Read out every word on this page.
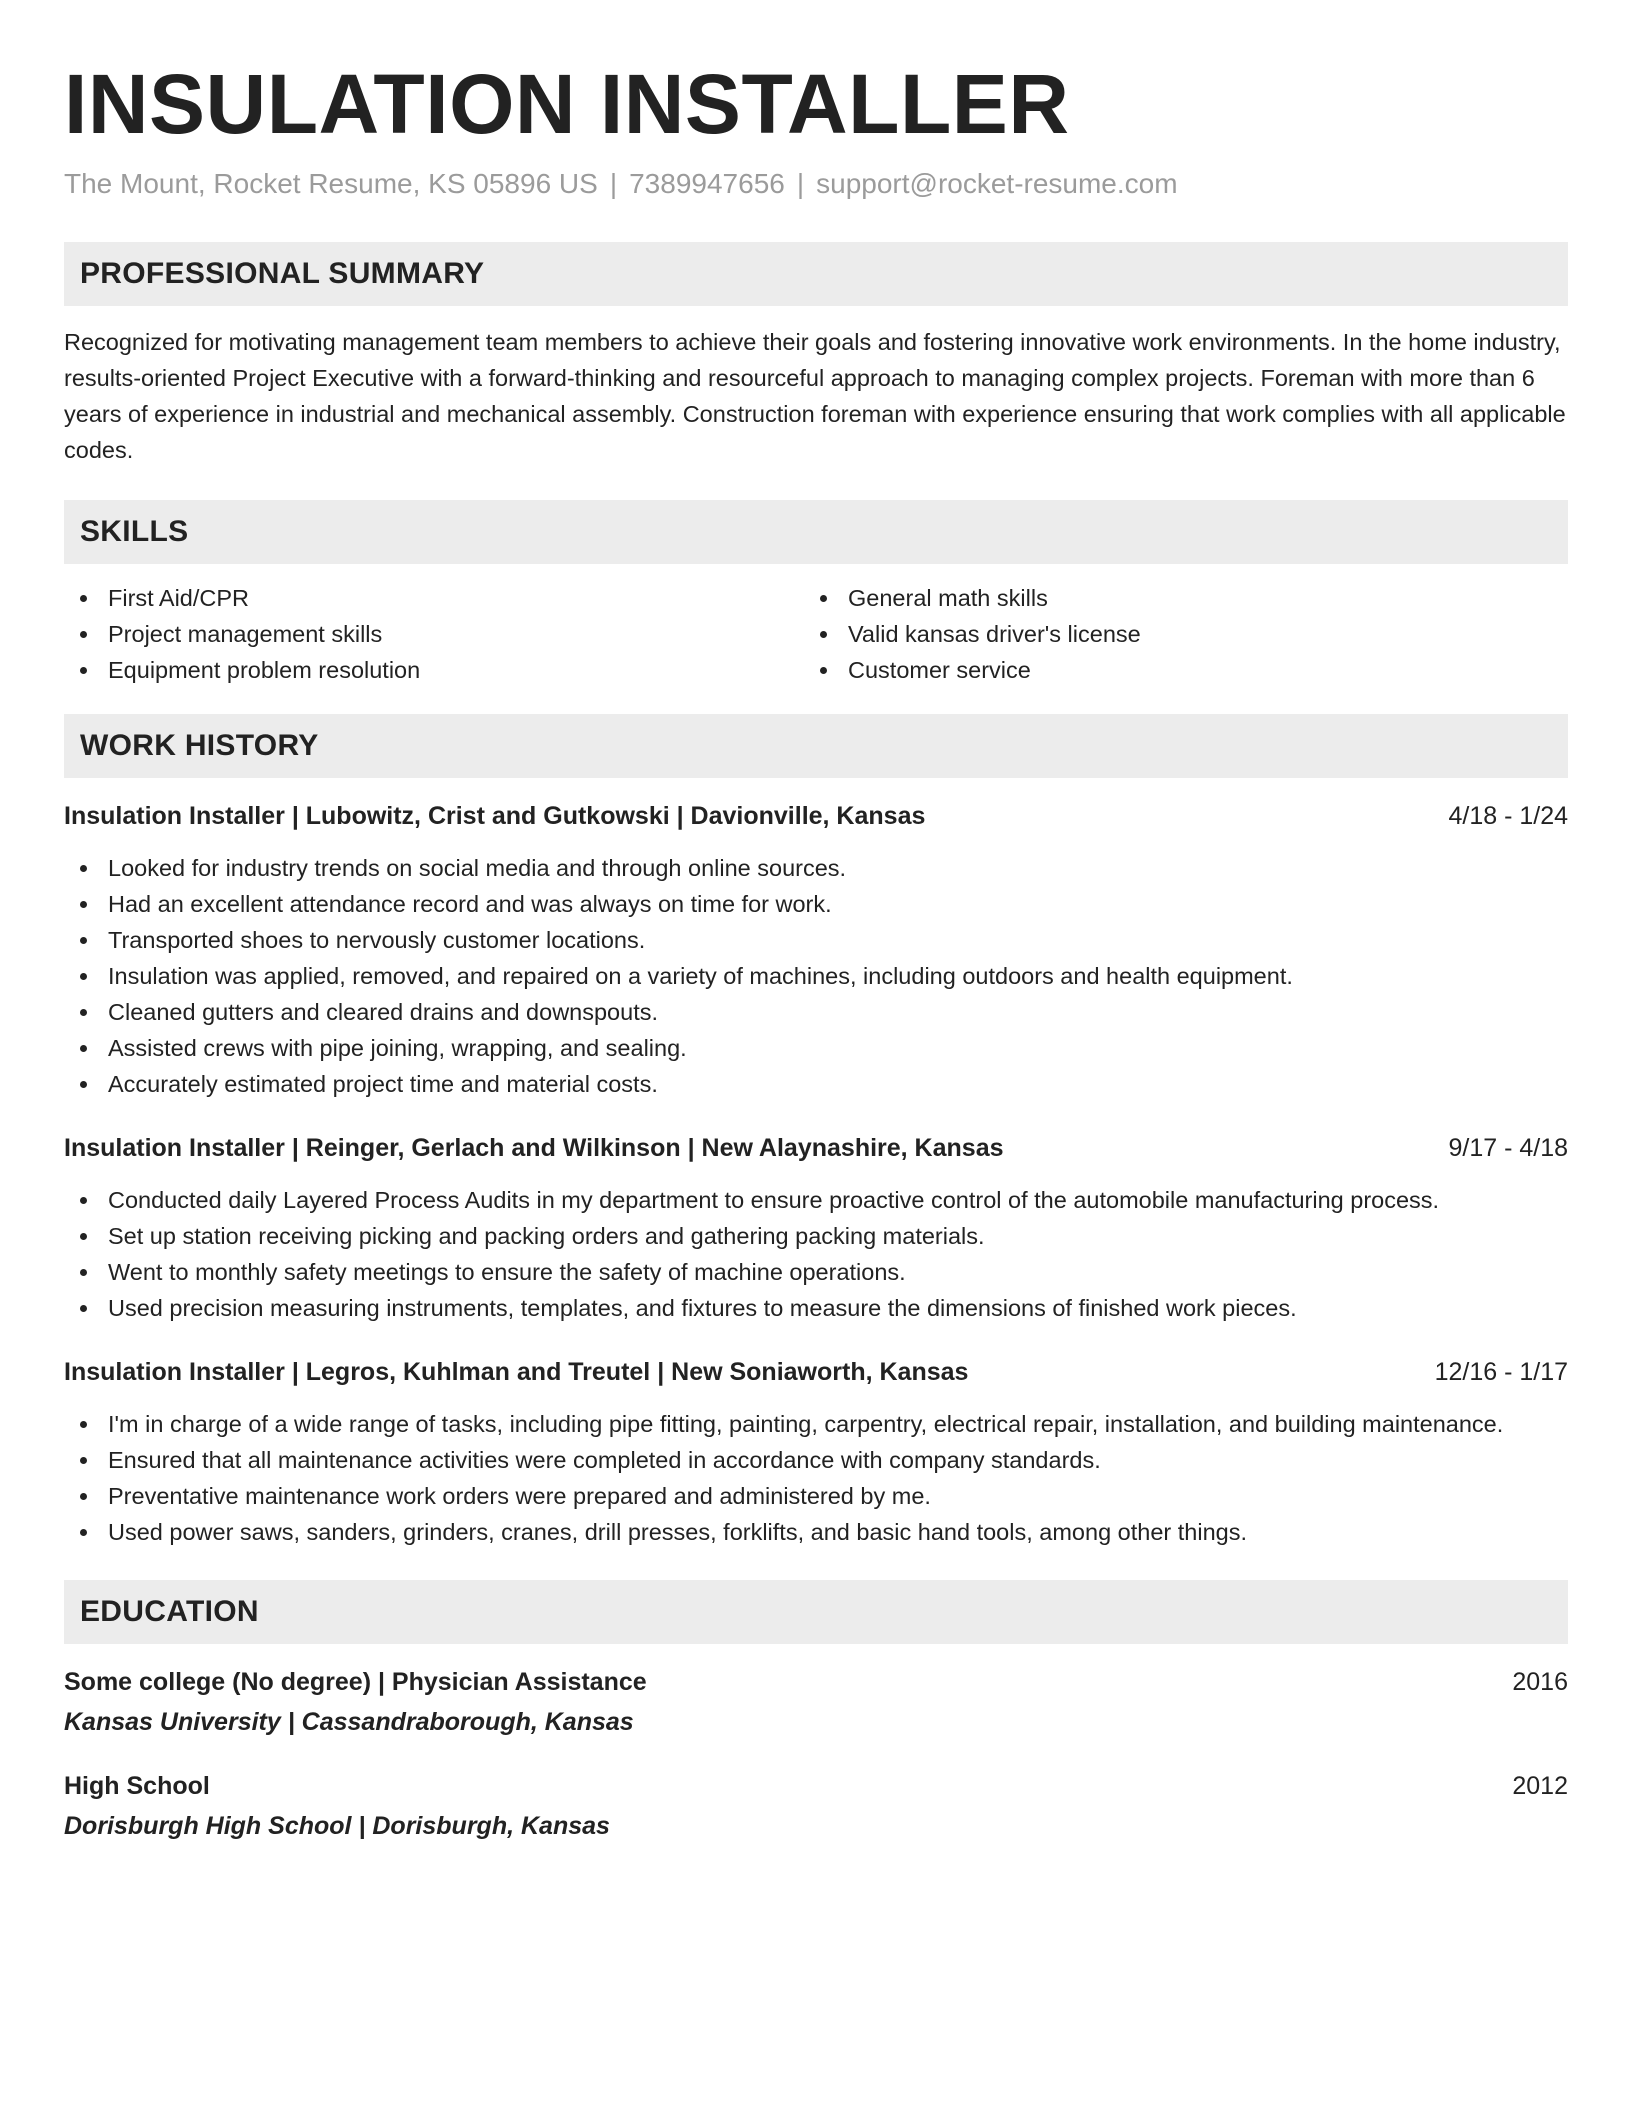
INSULATION INSTALLER
The Mount, Rocket Resume, KS 05896 US | 7389947656 | support@rocket-resume.com
PROFESSIONAL SUMMARY

Recognized for motivating management team members to achieve their goals and fostering innovative work environments. In the home industry, results-oriented Project Executive with a forward-thinking and resourceful approach to managing complex projects. Foreman with more than 6 years of experience in industrial and mechanical assembly. Construction foreman with experience ensuring that work complies with all applicable codes.

SKILLS
First Aid/CPR
Project management skills
Equipment problem resolution
General math skills
Valid kansas driver's license
Customer service
WORK HISTORY
Insulation Installer | Lubowitz, Crist and Gutkowski | Davionville, Kansas	4/18 - 1/24
Looked for industry trends on social media and through online sources.
Had an excellent attendance record and was always on time for work.
Transported shoes to nervously customer locations.
Insulation was applied, removed, and repaired on a variety of machines, including outdoors and health equipment.
Cleaned gutters and cleared drains and downspouts.
Assisted crews with pipe joining, wrapping, and sealing.
Accurately estimated project time and material costs.
Insulation Installer | Reinger, Gerlach and Wilkinson | New Alaynashire, Kansas	9/17 - 4/18
Conducted daily Layered Process Audits in my department to ensure proactive control of the automobile manufacturing process.
Set up station receiving picking and packing orders and gathering packing materials.
Went to monthly safety meetings to ensure the safety of machine operations.
Used precision measuring instruments, templates, and fixtures to measure the dimensions of finished work pieces.
Insulation Installer | Legros, Kuhlman and Treutel | New Soniaworth, Kansas	12/16 - 1/17
I'm in charge of a wide range of tasks, including pipe fitting, painting, carpentry, electrical repair, installation, and building maintenance.
Ensured that all maintenance activities were completed in accordance with company standards.
Preventative maintenance work orders were prepared and administered by me.
Used power saws, sanders, grinders, cranes, drill presses, forklifts, and basic hand tools, among other things.
EDUCATION
Some college (No degree) | Physician Assistance	2016
Kansas University | Cassandraborough, Kansas
High School	2012
Dorisburgh High School | Dorisburgh, Kansas
